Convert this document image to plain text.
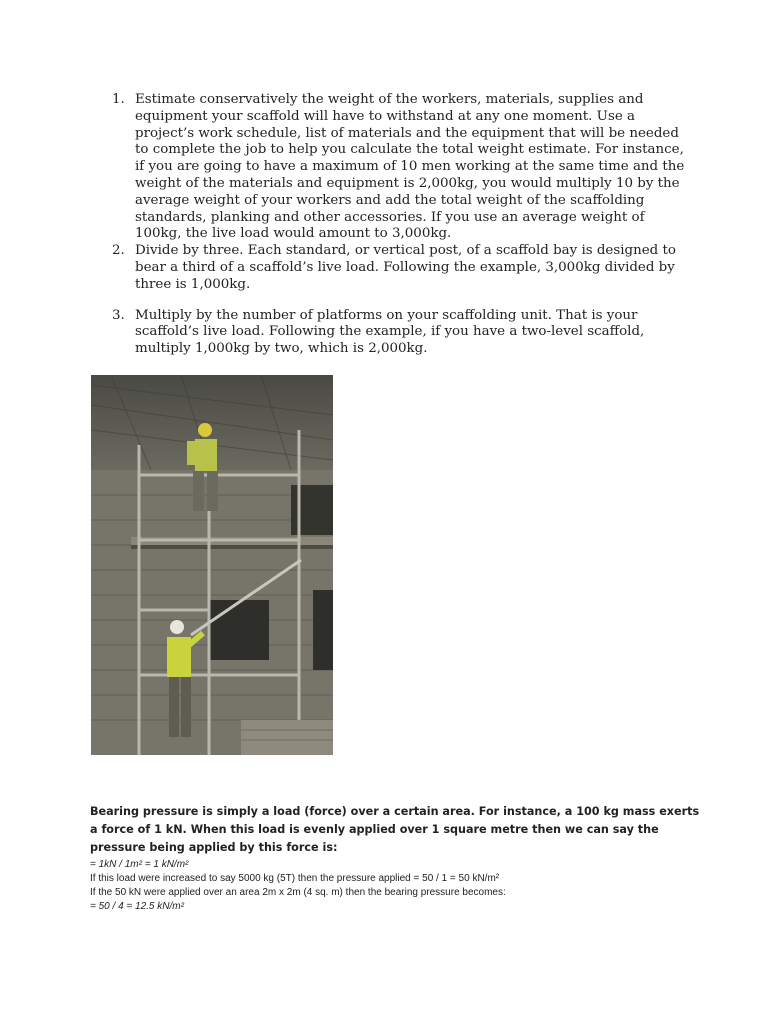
1. Estimate conservatively the weight of the workers, materials, supplies and equipment your scaffold will have to withstand at any one moment. Use a project’s work schedule, list of materials and the equipment that will be needed to complete the job to help you calculate the total weight estimate. For instance, if you are going to have a maximum of 10 men working at the same time and the weight of the materials and equipment is 2,000kg, you would multiply 10 by the average weight of your workers and add the total weight of the scaffolding standards, planking and other accessories. If you use an average weight of 100kg, the live load would amount to 3,000kg.
2. Divide by three. Each standard, or vertical post, of a scaffold bay is designed to bear a third of a scaffold’s live load. Following the example, 3,000kg divided by three is 1,000kg.
3. Multiply by the number of platforms on your scaffolding unit. That is your scaffold’s live load. Following the example, if you have a two-level scaffold, multiply 1,000kg by two, which is 2,000kg.

Bearing pressure is simply a load (force) over a certain area. For instance, a 100 kg mass exerts a force of 1 kN. When this load is evenly applied over 1 square metre then we can say the pressure being applied by this force is:

= 1kN / 1m² = 1 kN/m²

If this load were increased to say 5000 kg (5T) then the pressure applied = 50 / 1 = 50 kN/m²

If the 50 kN were applied over an area 2m x 2m (4 sq. m) then the bearing pressure becomes:

= 50 / 4 = 12.5 kN/m²
